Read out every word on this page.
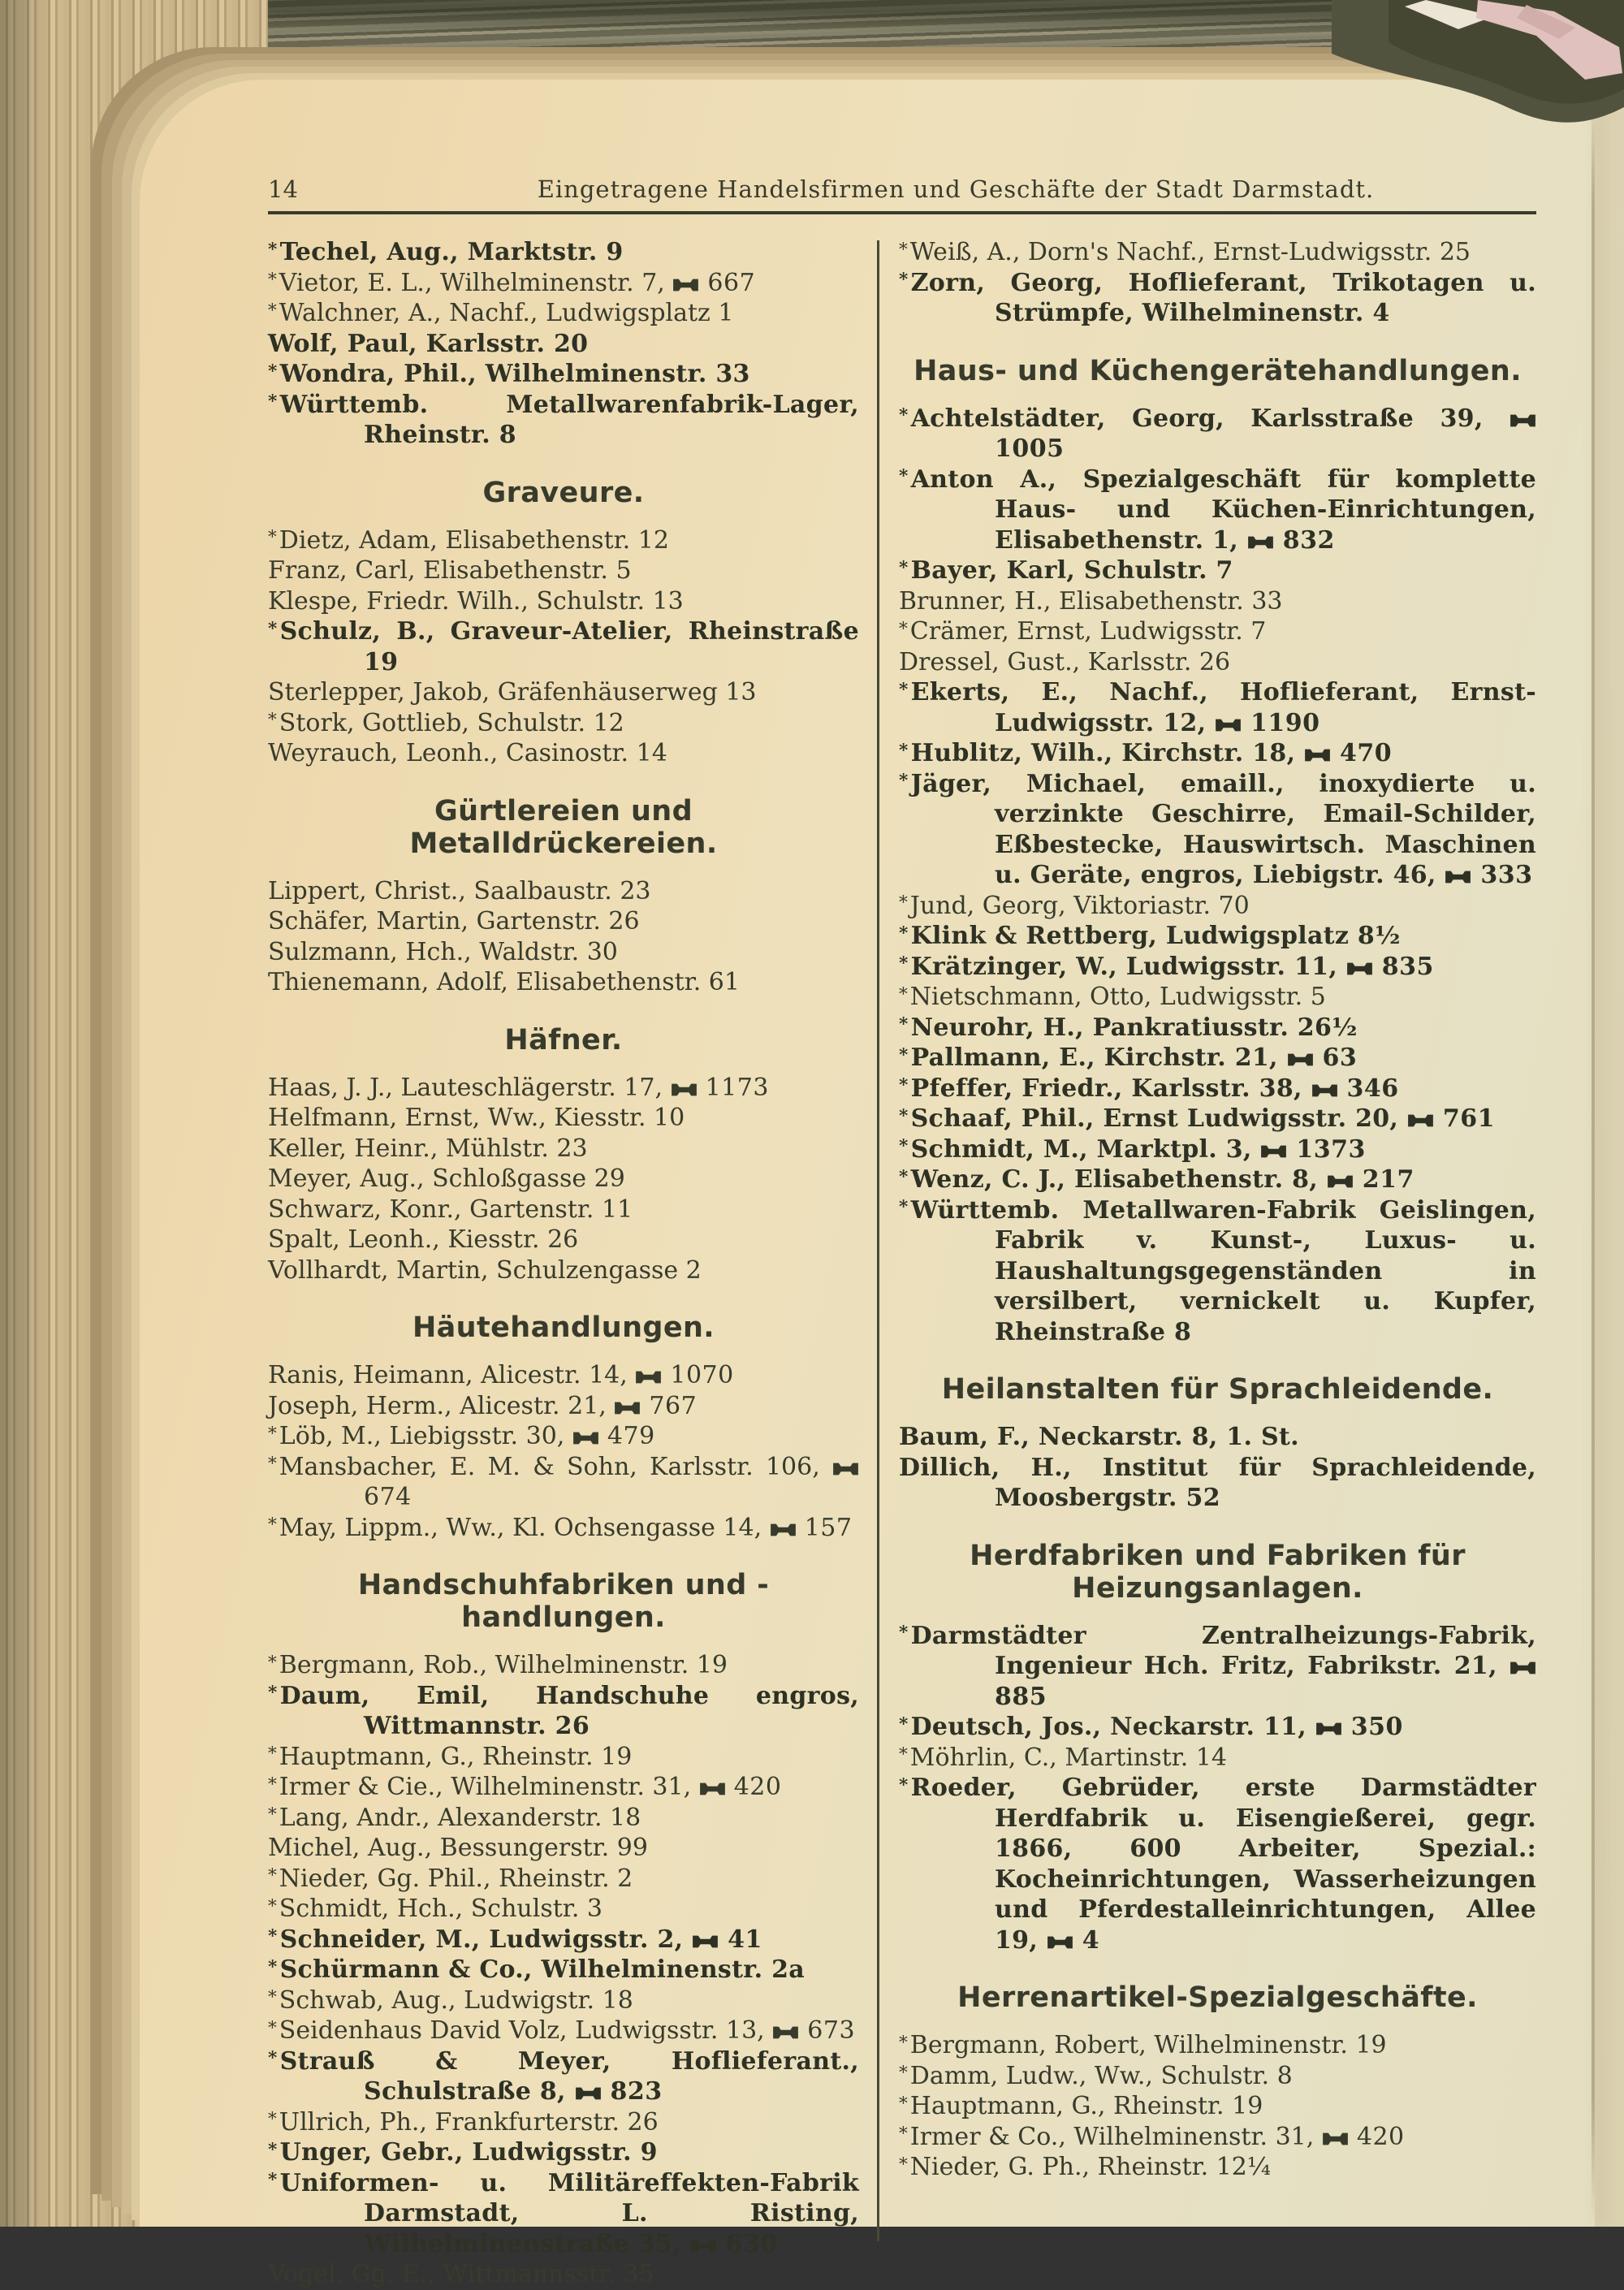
14	Eingetragene Handelsfirmen und Geschäfte der Stadt Darmstadt.
* Techel, Aug., Marktstr. 9
* Vietor, E. L., Wilhelminenstr. 7,  667
* Walchner, A., Nachf., Ludwigsplatz 1
Wolf, Paul, Karlsstr. 20
* Wondra, Phil., Wilhelminenstr. 33
* Württemb. Metallwarenfabrik-Lager, Rheinstr. 8
Graveure.
* Dietz, Adam, Elisabethenstr. 12
Franz, Carl, Elisabethenstr. 5
Klespe, Friedr. Wilh., Schulstr. 13
* Schulz, B., Graveur-Atelier, Rheinstraße 19
Sterlepper, Jakob, Gräfenhäuserweg 13
* Stork, Gottlieb, Schulstr. 12
Weyrauch, Leonh., Casinostr. 14
Gürtlereien und Metalldrückereien.
Lippert, Christ., Saalbaustr. 23
Schäfer, Martin, Gartenstr. 26
Sulzmann, Hch., Waldstr. 30
Thienemann, Adolf, Elisabethenstr. 61
Häfner.
Haas, J. J., Lauteschlägerstr. 17,  1173
Helfmann, Ernst, Ww., Kiesstr. 10
Keller, Heinr., Mühlstr. 23
Meyer, Aug., Schloßgasse 29
Schwarz, Konr., Gartenstr. 11
Spalt, Leonh., Kiesstr. 26
Vollhardt, Martin, Schulzengasse 2
Häutehandlungen.
Ranis, Heimann, Alicestr. 14,  1070
Joseph, Herm., Alicestr. 21,  767
* Löb, M., Liebigsstr. 30,  479
* Mansbacher, E. M. & Sohn, Karlsstr. 106,  674
* May, Lippm., Ww., Kl. Ochsengasse 14,  157
Handschuhfabriken und -handlungen.
* Bergmann, Rob., Wilhelminenstr. 19
* Daum, Emil, Handschuhe engros, Wittmannstr. 26
* Hauptmann, G., Rheinstr. 19
* Irmer & Cie., Wilhelminenstr. 31,  420
* Lang, Andr., Alexanderstr. 18
Michel, Aug., Bessungerstr. 99
* Nieder, Gg. Phil., Rheinstr. 2
* Schmidt, Hch., Schulstr. 3
* Schneider, M., Ludwigsstr. 2,  41
* Schürmann & Co., Wilhelminenstr. 2a
* Schwab, Aug., Ludwigstr. 18
* Seidenhaus David Volz, Ludwigsstr. 13,  673
* Strauß & Meyer, Hoflieferant., Schulstraße 8,  823
* Ullrich, Ph., Frankfurterstr. 26
* Unger, Gebr., Ludwigsstr. 9
* Uniformen- u. Militäreffekten-Fabrik Darmstadt, L. Risting, Wilhelminenstraße 35,  630
Vogel, Gg. E., Wittmannsstr. 35
* Weiß, A., Dorn's Nachf., Ernst-Ludwigsstr. 25
* Zorn, Georg, Hoflieferant, Trikotagen u. Strümpfe, Wilhelminenstr. 4
Haus- und Küchengerätehandlungen.
* Achtelstädter, Georg, Karlsstraße 39,  1005
* Anton A., Spezialgeschäft für komplette Haus- und Küchen-Einrichtungen, Elisabethenstr. 1,  832
* Bayer, Karl, Schulstr. 7
Brunner, H., Elisabethenstr. 33
* Crämer, Ernst, Ludwigsstr. 7
Dressel, Gust., Karlsstr. 26
* Ekerts, E., Nachf., Hoflieferant, Ernst-Ludwigsstr. 12,  1190
* Hublitz, Wilh., Kirchstr. 18,  470
* Jäger, Michael, emaill., inoxydierte u. verzinkte Geschirre, Email-Schilder, Eßbestecke, Hauswirtsch. Maschinen u. Geräte, engros, Liebigstr. 46,  333
* Jund, Georg, Viktoriastr. 70
* Klink & Rettberg, Ludwigsplatz 8½
* Krätzinger, W., Ludwigsstr. 11,  835
* Nietschmann, Otto, Ludwigsstr. 5
* Neurohr, H., Pankratiusstr. 26½
* Pallmann, E., Kirchstr. 21,  63
* Pfeffer, Friedr., Karlsstr. 38,  346
* Schaaf, Phil., Ernst Ludwigsstr. 20,  761
* Schmidt, M., Marktpl. 3,  1373
* Wenz, C. J., Elisabethenstr. 8,  217
* Württemb. Metallwaren-Fabrik Geislingen, Fabrik v. Kunst-, Luxus- u. Haushaltungsgegenständen in versilbert, vernickelt u. Kupfer, Rheinstraße 8
Heilanstalten für Sprachleidende.
Baum, F., Neckarstr. 8, 1. St.
Dillich, H., Institut für Sprachleidende, Moosbergstr. 52
Herdfabriken und Fabriken für Heizungsanlagen.
* Darmstädter Zentralheizungs-Fabrik, Ingenieur Hch. Fritz, Fabrikstr. 21,  885
* Deutsch, Jos., Neckarstr. 11,  350
* Möhrlin, C., Martinstr. 14
* Roeder, Gebrüder, erste Darmstädter Herdfabrik u. Eisengießerei, gegr. 1866, 600 Arbeiter, Spezial.: Kocheinrichtungen, Wasserheizungen und Pferdestalleinrichtungen, Allee 19,  4
Herrenartikel-Spezialgeschäfte.
* Bergmann, Robert, Wilhelminenstr. 19
* Damm, Ludw., Ww., Schulstr. 8
* Hauptmann, G., Rheinstr. 19
* Irmer & Co., Wilhelminenstr. 31,  420
* Nieder, G. Ph., Rheinstr. 12¼
